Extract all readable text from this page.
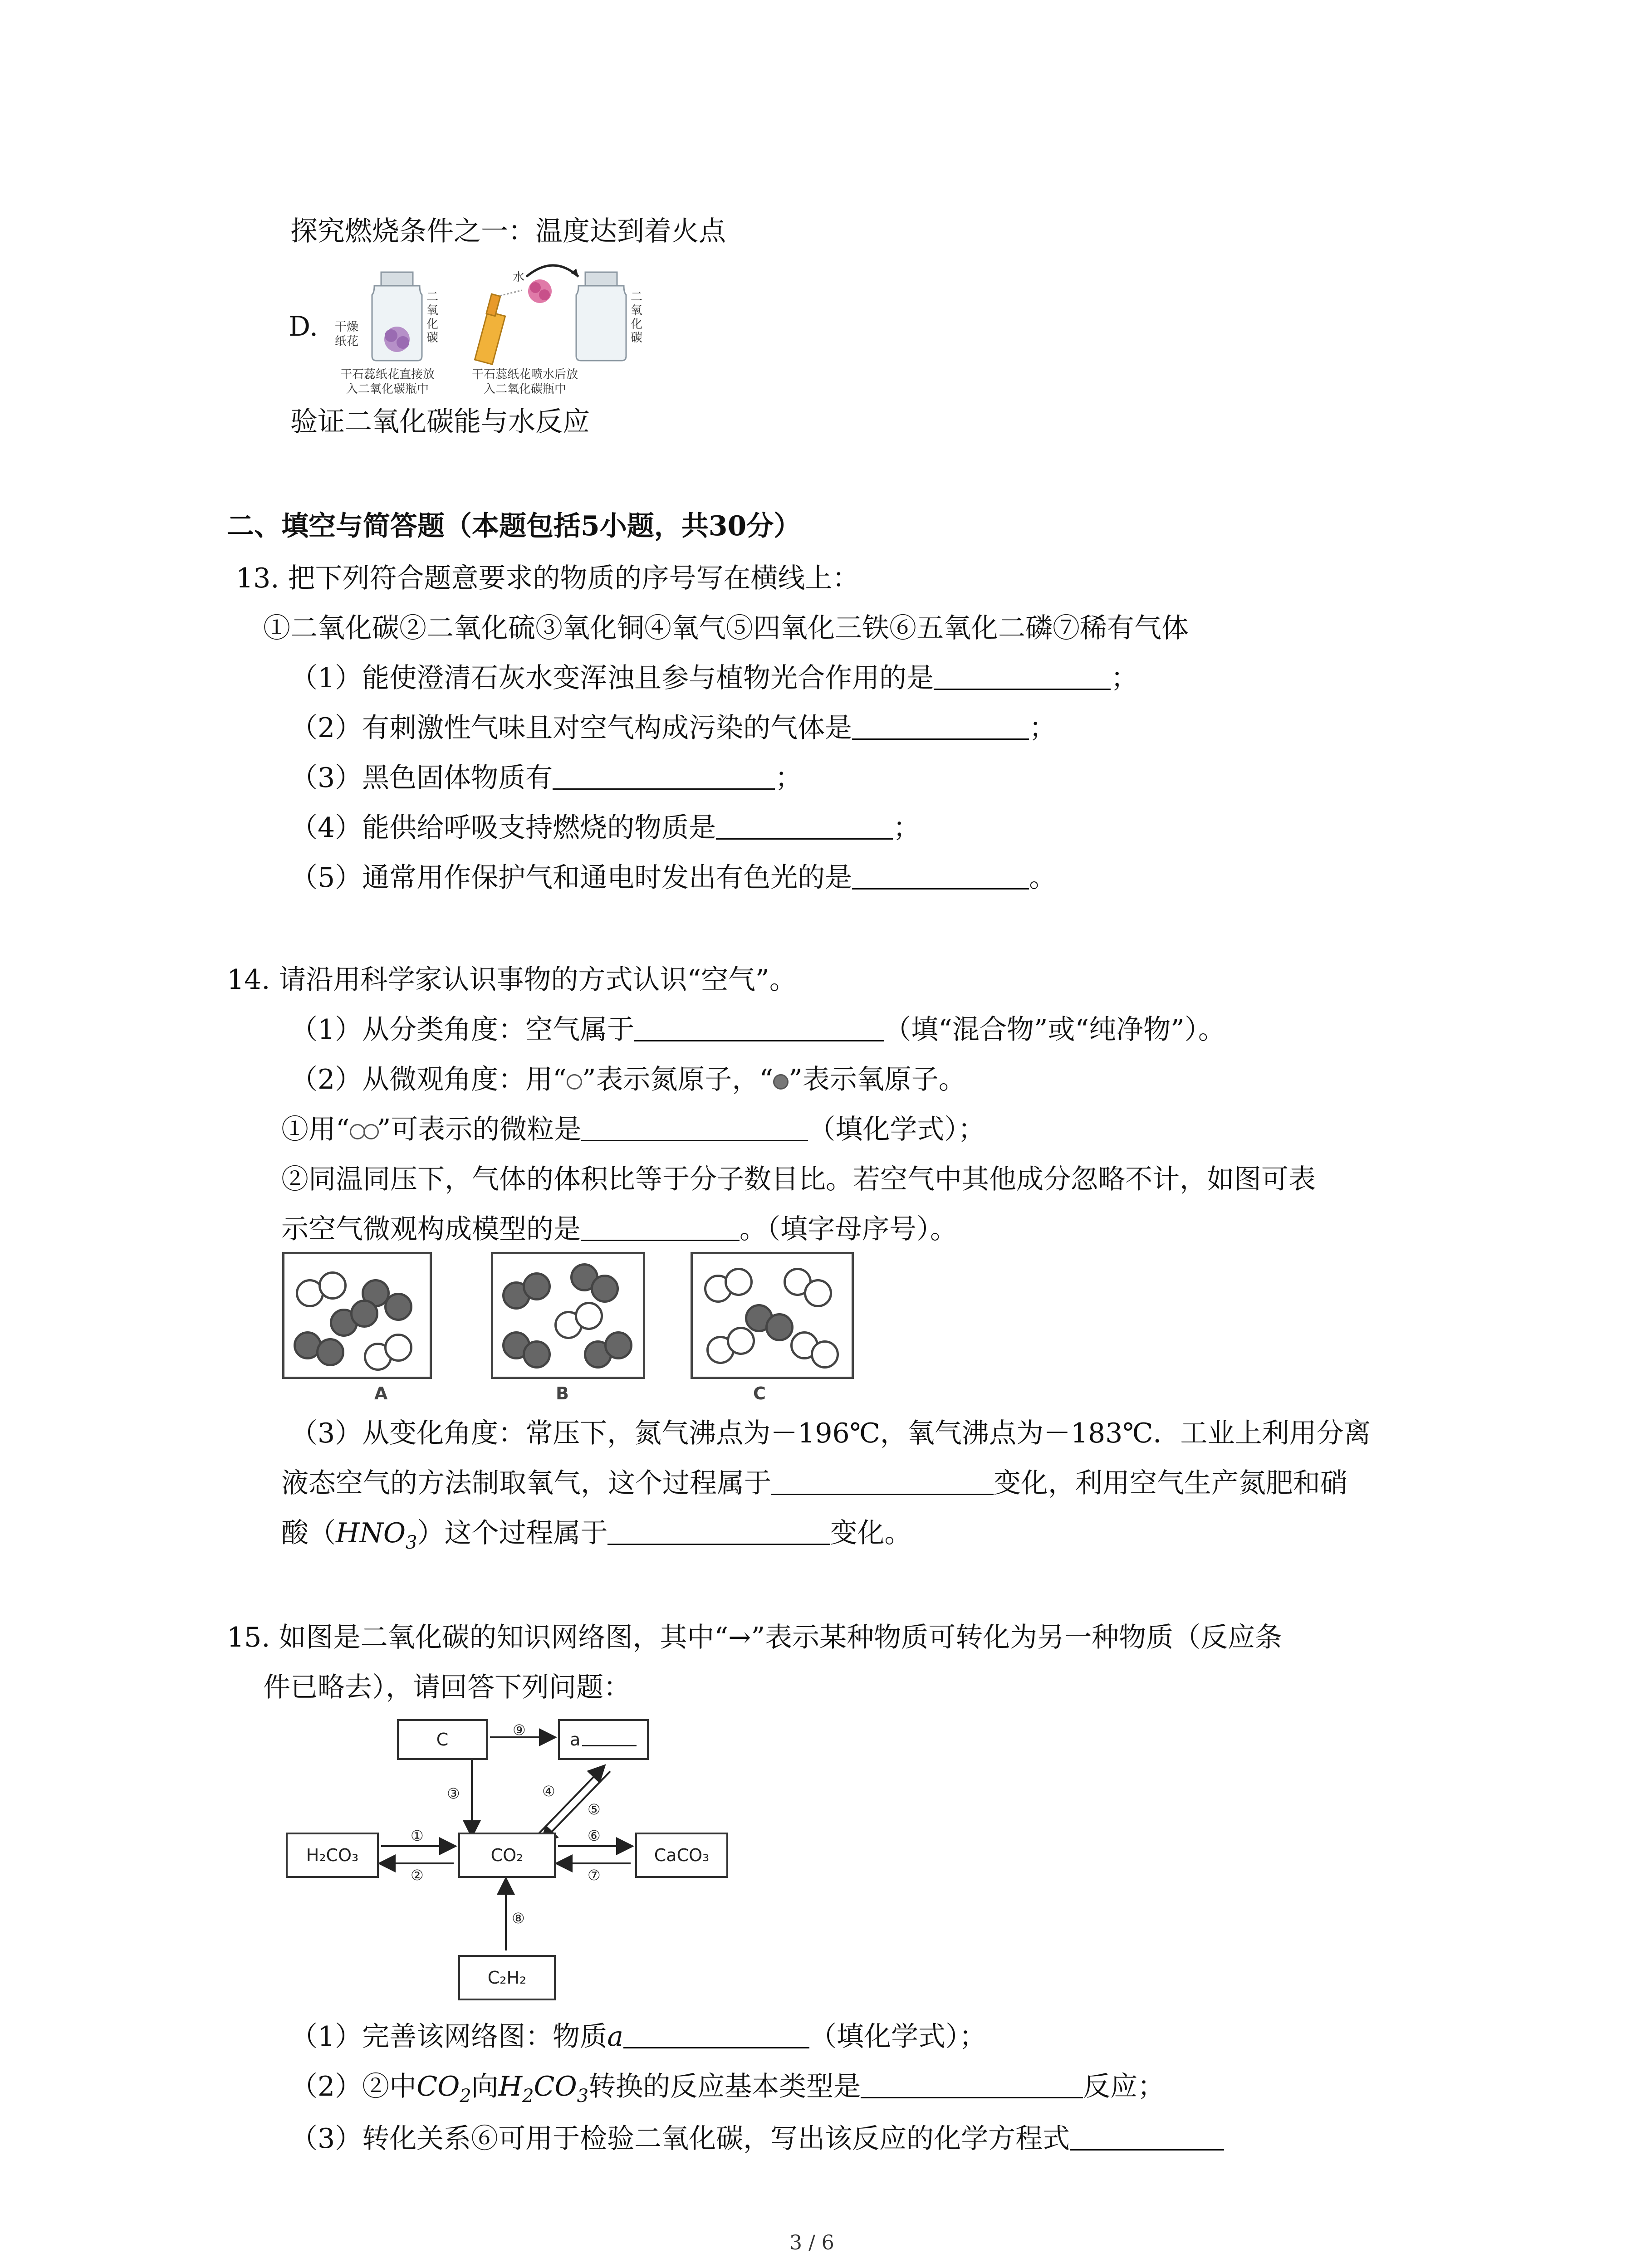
探究燃烧条件之一：温度达到着火点
D. 干燥
纸花
二
氧
化
碳
水
二
氧
化
碳
干石蕊纸花直接放
入二氧化碳瓶中
干石蕊纸花喷水后放
入二氧化碳瓶中
验证二氧化碳能与水反应
二、填空与简答题（本题包括5小题，共30分）
13. 把下列符合题意要求的物质的序号写在横线上：
①二氧化碳②二氧化硫③氧化铜④氧气⑤四氧化三铁⑥五氧化二磷⑦稀有气体
（1）能使澄清石灰水变浑浊且参与植物光合作用的是	；
（2）有刺激性气味且对空气构成污染的气体是	；
（3）黑色固体物质有	；
（4）能供给呼吸支持燃烧的物质是	；
（5）通常用作保护气和通电时发出有色光的是	。
14. 请沿用科学家认识事物的方式认识“空气”。
（1）从分类角度：空气属于	（填“混合物”或“纯净物”）。
（2）从微观角度：用“ ”表示氮原子，“ ”表示氧原子。
①用“ ”可表示的微粒是	（填化学式）；
②同温同压下，气体的体积比等于分子数目比。若空气中其他成分忽略不计，如图可表
示空气微观构成模型的是	。（填字母序号）。
A	B	C
（3）从变化角度：常压下，氮气沸点为－196℃，氧气沸点为－183℃．工业上利用分离
液态空气的方法制取氧气，这个过程属于	变化，利用空气生产氮肥和硝
酸$(HNO_3)$这个过程属于	变化。
15. 如图是二氧化碳的知识网络图，其中“→”表示某种物质可转化为另一种物质（反应条
件已略去），请回答下列问题：
C	a
H₂CO₃	CO₂	CaCO₃
C₂H₂
⑨
③	④
⑤
①
②
⑥
⑦
⑧
（1）完善该网络图：物质a	（填化学式）；
（2）②中$CO_2$向$H_2CO_3$转换的反应基本类型是	反应；
（3）转化关系⑥可用于检验二氧化碳，写出该反应的化学方程式
3 / 6
